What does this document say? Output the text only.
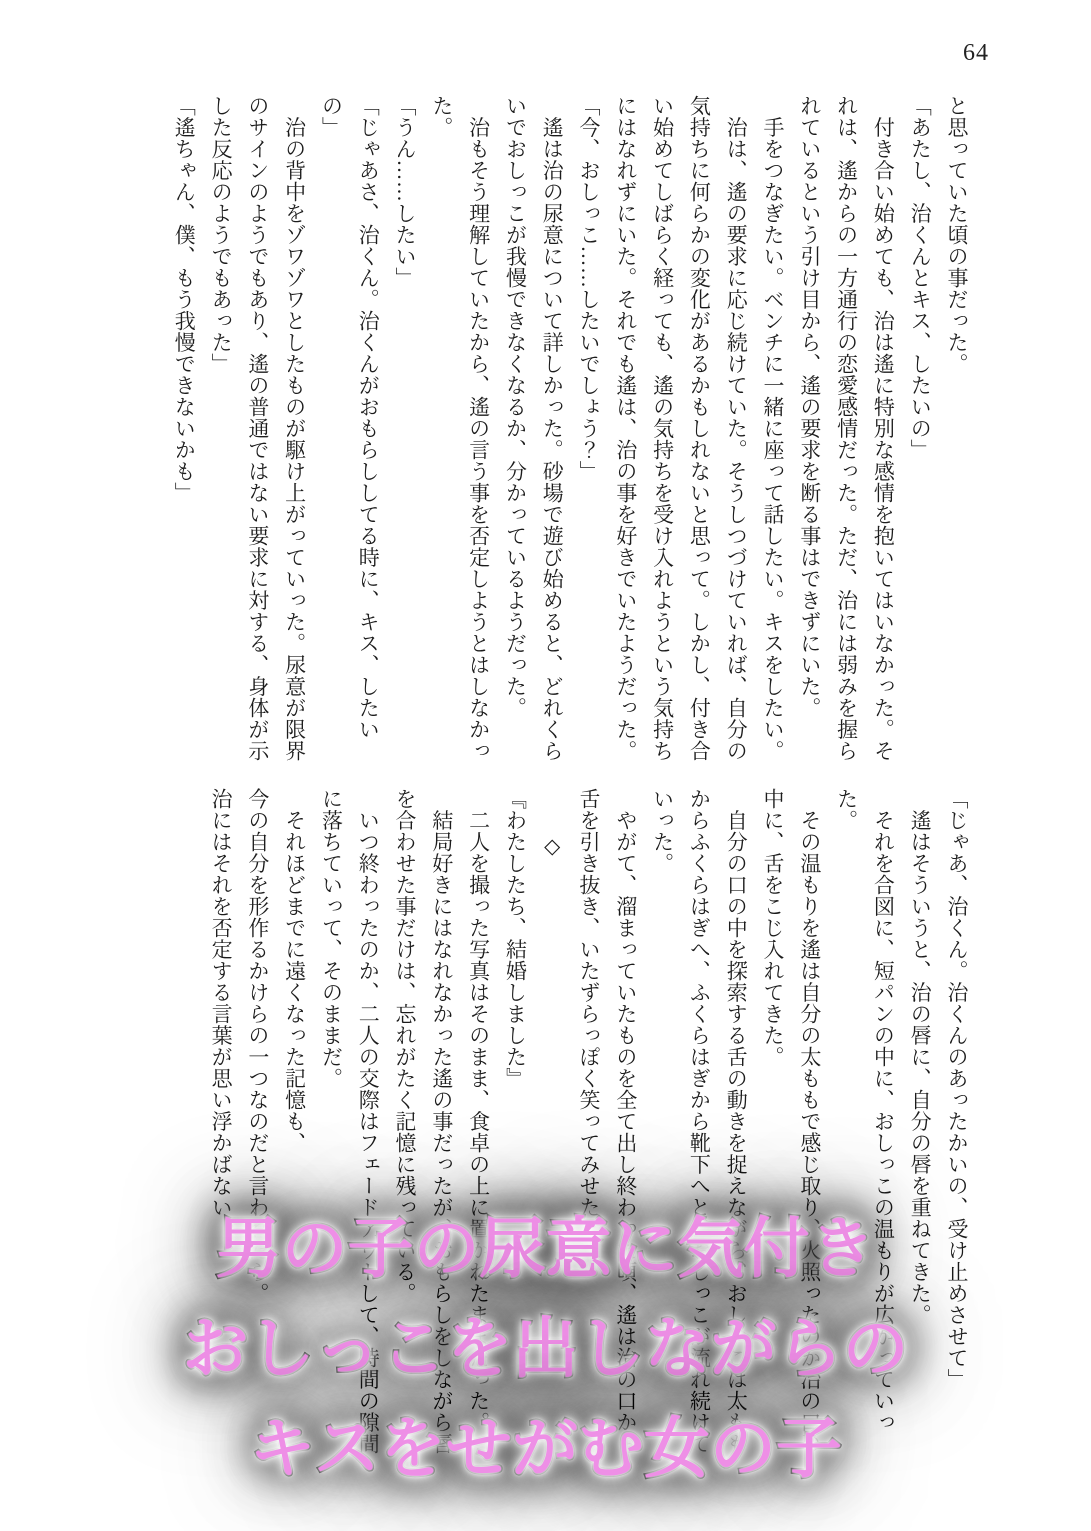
64

と思っていた頃の事だった。

「あたし、治くんとキス、したいの」

　付き合い始めても、治は遙に特別な感情を抱いてはいなかった。それは、遙からの一方通行の恋愛感情だった。ただ、治には弱みを握られているという引け目から、遙の要求を断る事はできずにいた。

　手をつなぎたい。ベンチに一緒に座って話したい。キスをしたい。

　治は、遙の要求に応じ続けていた。そうしつづけていれば、自分の気持ちに何らかの変化があるかもしれないと思って。しかし、付き合い始めてしばらく経っても、遙の気持ちを受け入れようという気持ちにはなれずにいた。それでも遙は、治の事を好きでいたようだった。

「今、おしっこ……したいでしょう？」

　遙は治の尿意について詳しかった。砂場で遊び始めると、どれくらいでおしっこが我慢できなくなるか、分かっているようだった。

　治もそう理解していたから、遙の言う事を否定しようとはしなかった。

「うん……したい」

「じゃあさ、治くん。治くんがおもらししてる時に、キス、したいの」

　治の背中をゾワゾワとしたものが駆け上がっていった。尿意が限界のサインのようでもあり、遙の普通ではない要求に対する、身体が示した反応のようでもあった」

「遙ちゃん、僕、もう我慢できないかも」

「じゃあ、治くん。治くんのあったかいの、受け止めさせて」

　遙はそういうと、治の唇に、自分の唇を重ねてきた。

　それを合図に、短パンの中に、おしっこの温もりが広がっていった。

　その温もりを遙は自分の太ももで感じ取り、火照ったのか治の口の中に、舌をこじ入れてきた。

　自分の口の中を探索する舌の動きを捉えながら、おしっこは太ももからふくらはぎへ、ふくらはぎから靴下へと、おしっこが流れ続けていった。

　やがて、溜まっていたものを全て出し終わった頃、遙は治の口から舌を引き抜き、いたずらっぽく笑ってみせた。

◇

『わたしたち、結婚しました』

　二人を撮った写真はそのまま、食卓の上に置かれたままだった。

　結局好きにはなれなかった遙の事だったが、おもらしをしながら唇を合わせた事だけは、忘れがたく記憶に残っている。

　いつ終わったのか、二人の交際はフェードアウトして、時間の隙間に落ちていって、そのままだ。

　それほどまでに遠くなった記憶も、

今の自分を形作るかけらの一つなのだと言われたら。

治にはそれを否定する言葉が思い浮かばない。

男の子の尿意に気付き
おしっこを出しながらの
キスをせがむ女の子
